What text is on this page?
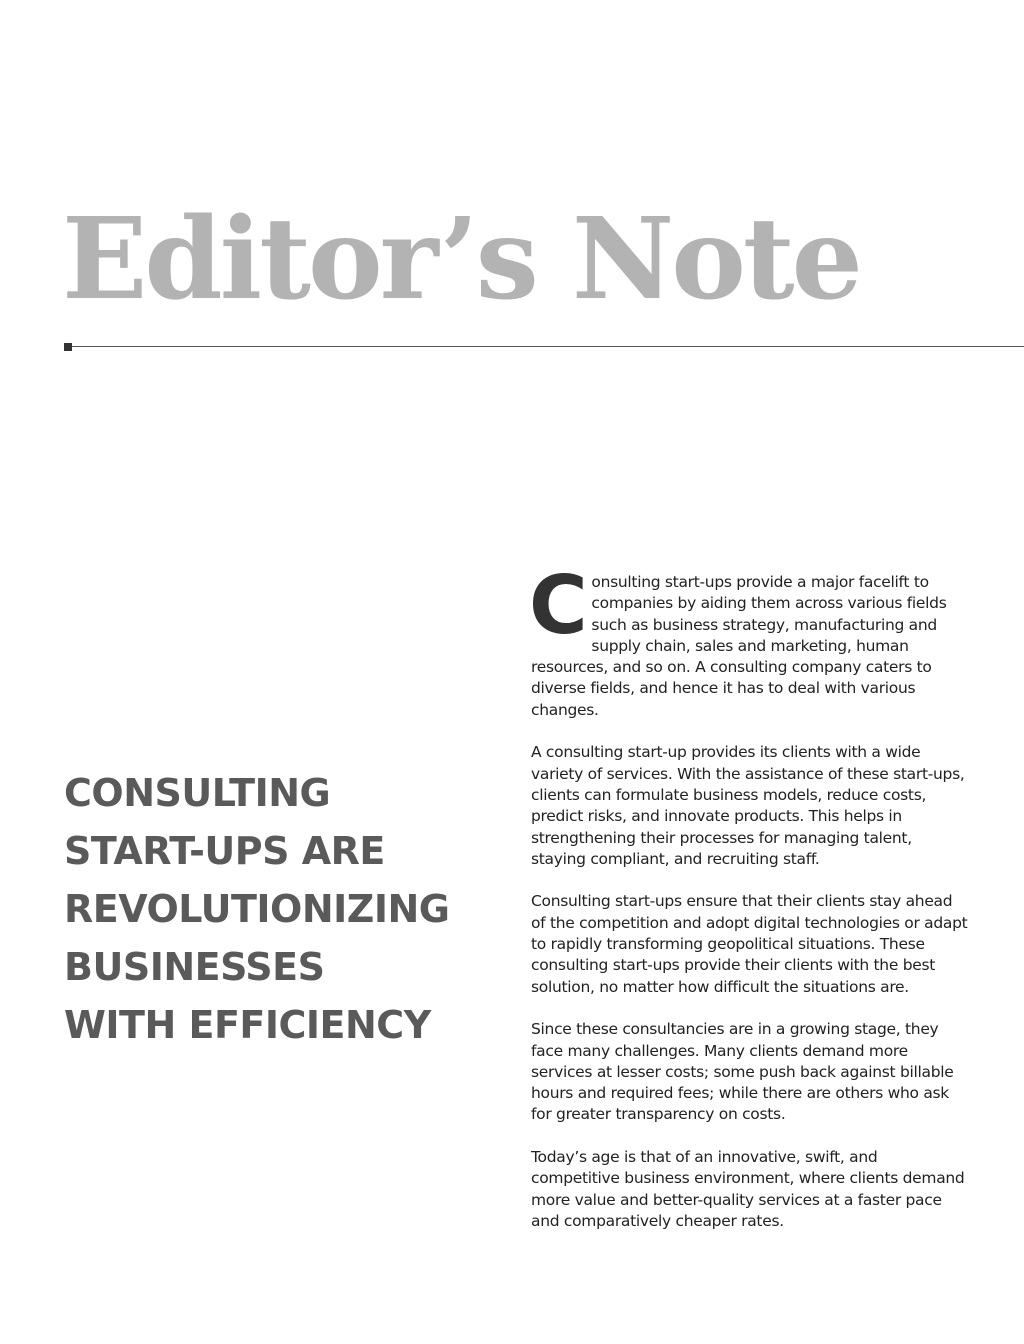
Editor’s Note
CONSULTING
START-UPS ARE
REVOLUTIONIZING
BUSINESSES
WITH EFFICIENCY

Consulting start-ups provide a major facelift to companies by aiding them across various fields such as business strategy, manufacturing and supply chain, sales and marketing, human resources, and so on. A consulting company caters to diverse fields, and hence it has to deal with various changes.

A consulting start-up provides its clients with a wide variety of services. With the assistance of these start-ups, clients can formulate business models, reduce costs, predict risks, and innovate products. This helps in strengthening their processes for managing talent, staying compliant, and recruiting staff.

Consulting start-ups ensure that their clients stay ahead of the competition and adopt digital technologies or adapt to rapidly transforming geopolitical situations. These consulting start-ups provide their clients with the best solution, no matter how difficult the situations are.

Since these consultancies are in a growing stage, they face many challenges. Many clients demand more services at lesser costs; some push back against billable hours and required fees; while there are others who ask for greater transparency on costs.

Today’s age is that of an innovative, swift, and competitive business environment, where clients demand more value and better-quality services at a faster pace and comparatively cheaper rates.
